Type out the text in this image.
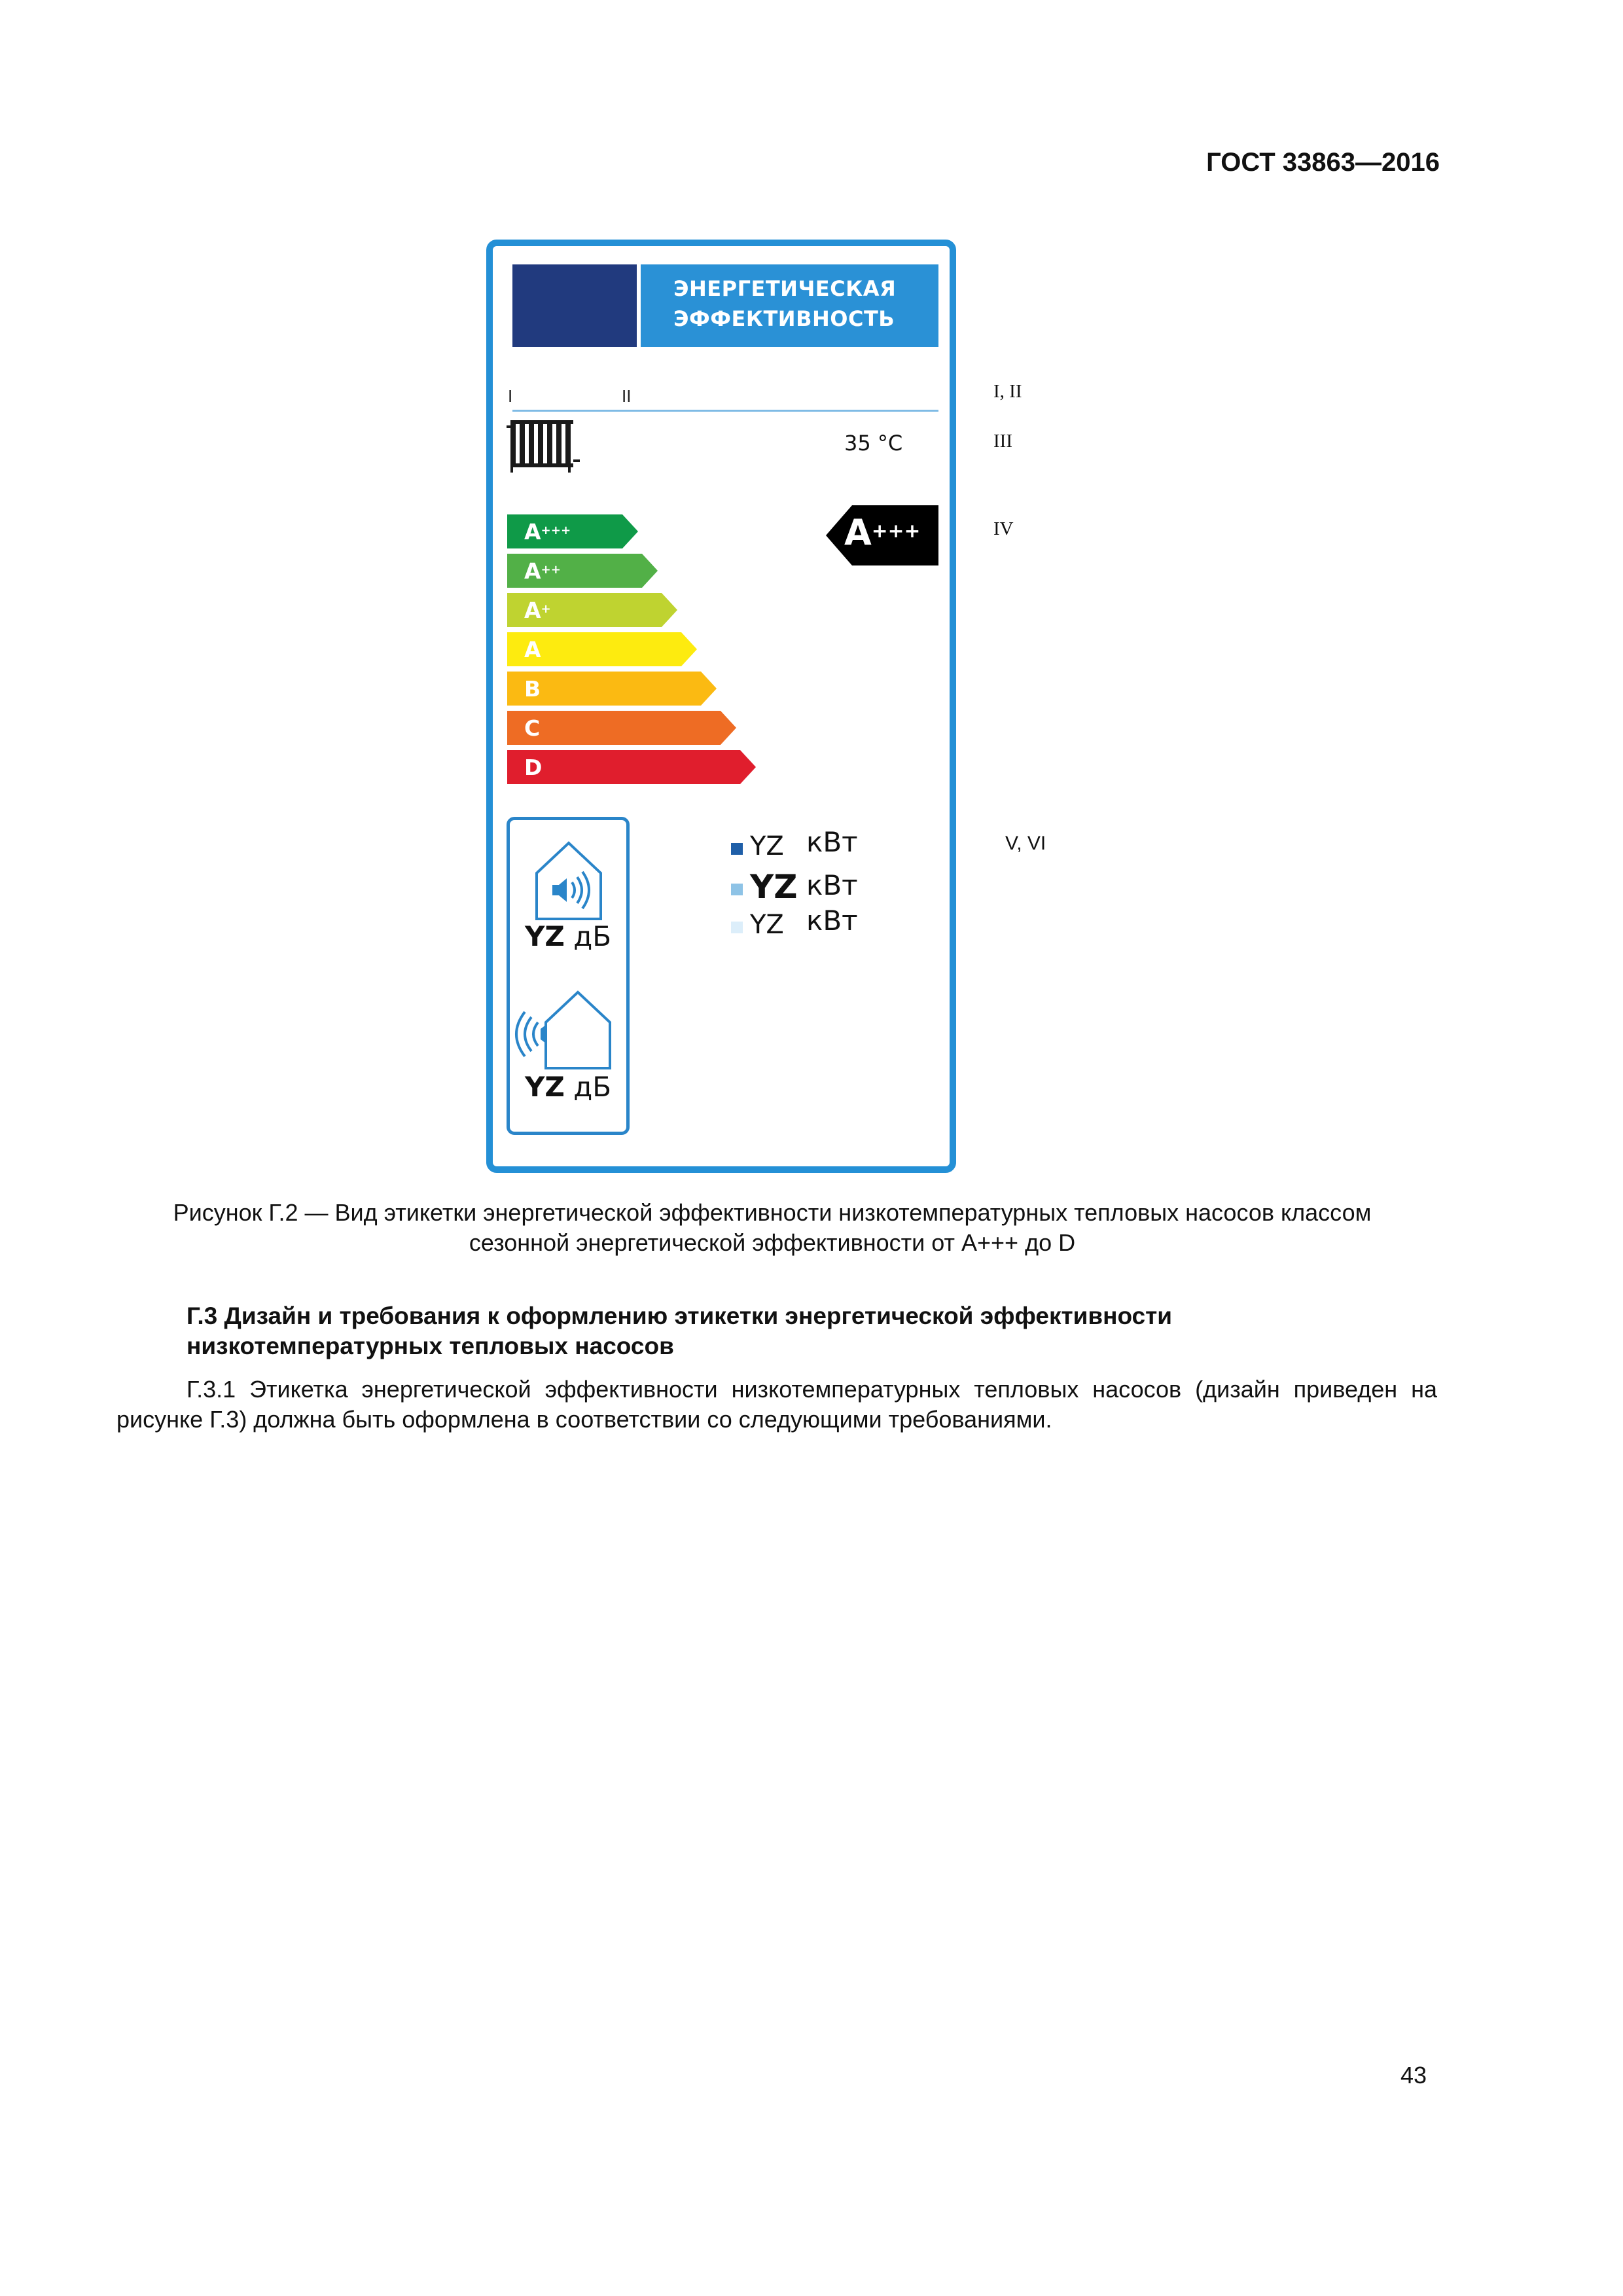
ГОСТ 33863—2016
ЭНЕРГЕТИЧЕСКАЯ
ЭФФЕКТИВНОСТЬ
I	II
35 °C
A+++
A++
A+
A
B
C
D
A+++
YZ дБ
YZ дБ
YZ кВт
YZ кВт
YZ кВт
I, II
III
IV
V, VI
Рисунок Г.2 — Вид этикетки энергетической эффективности низкотемпературных тепловых насосов классом
сезонной энергетической эффективности от A+++ до D
Г.3 Дизайн и требования к оформлению этикетки энергетической эффективности
низкотемпературных тепловых насосов

Г.3.1 Этикетка энергетической эффективности низкотемпературных тепловых насосов (дизайн приведен на рисунке Г.3) должна быть оформлена в соответствии со следующими требованиями.

43
